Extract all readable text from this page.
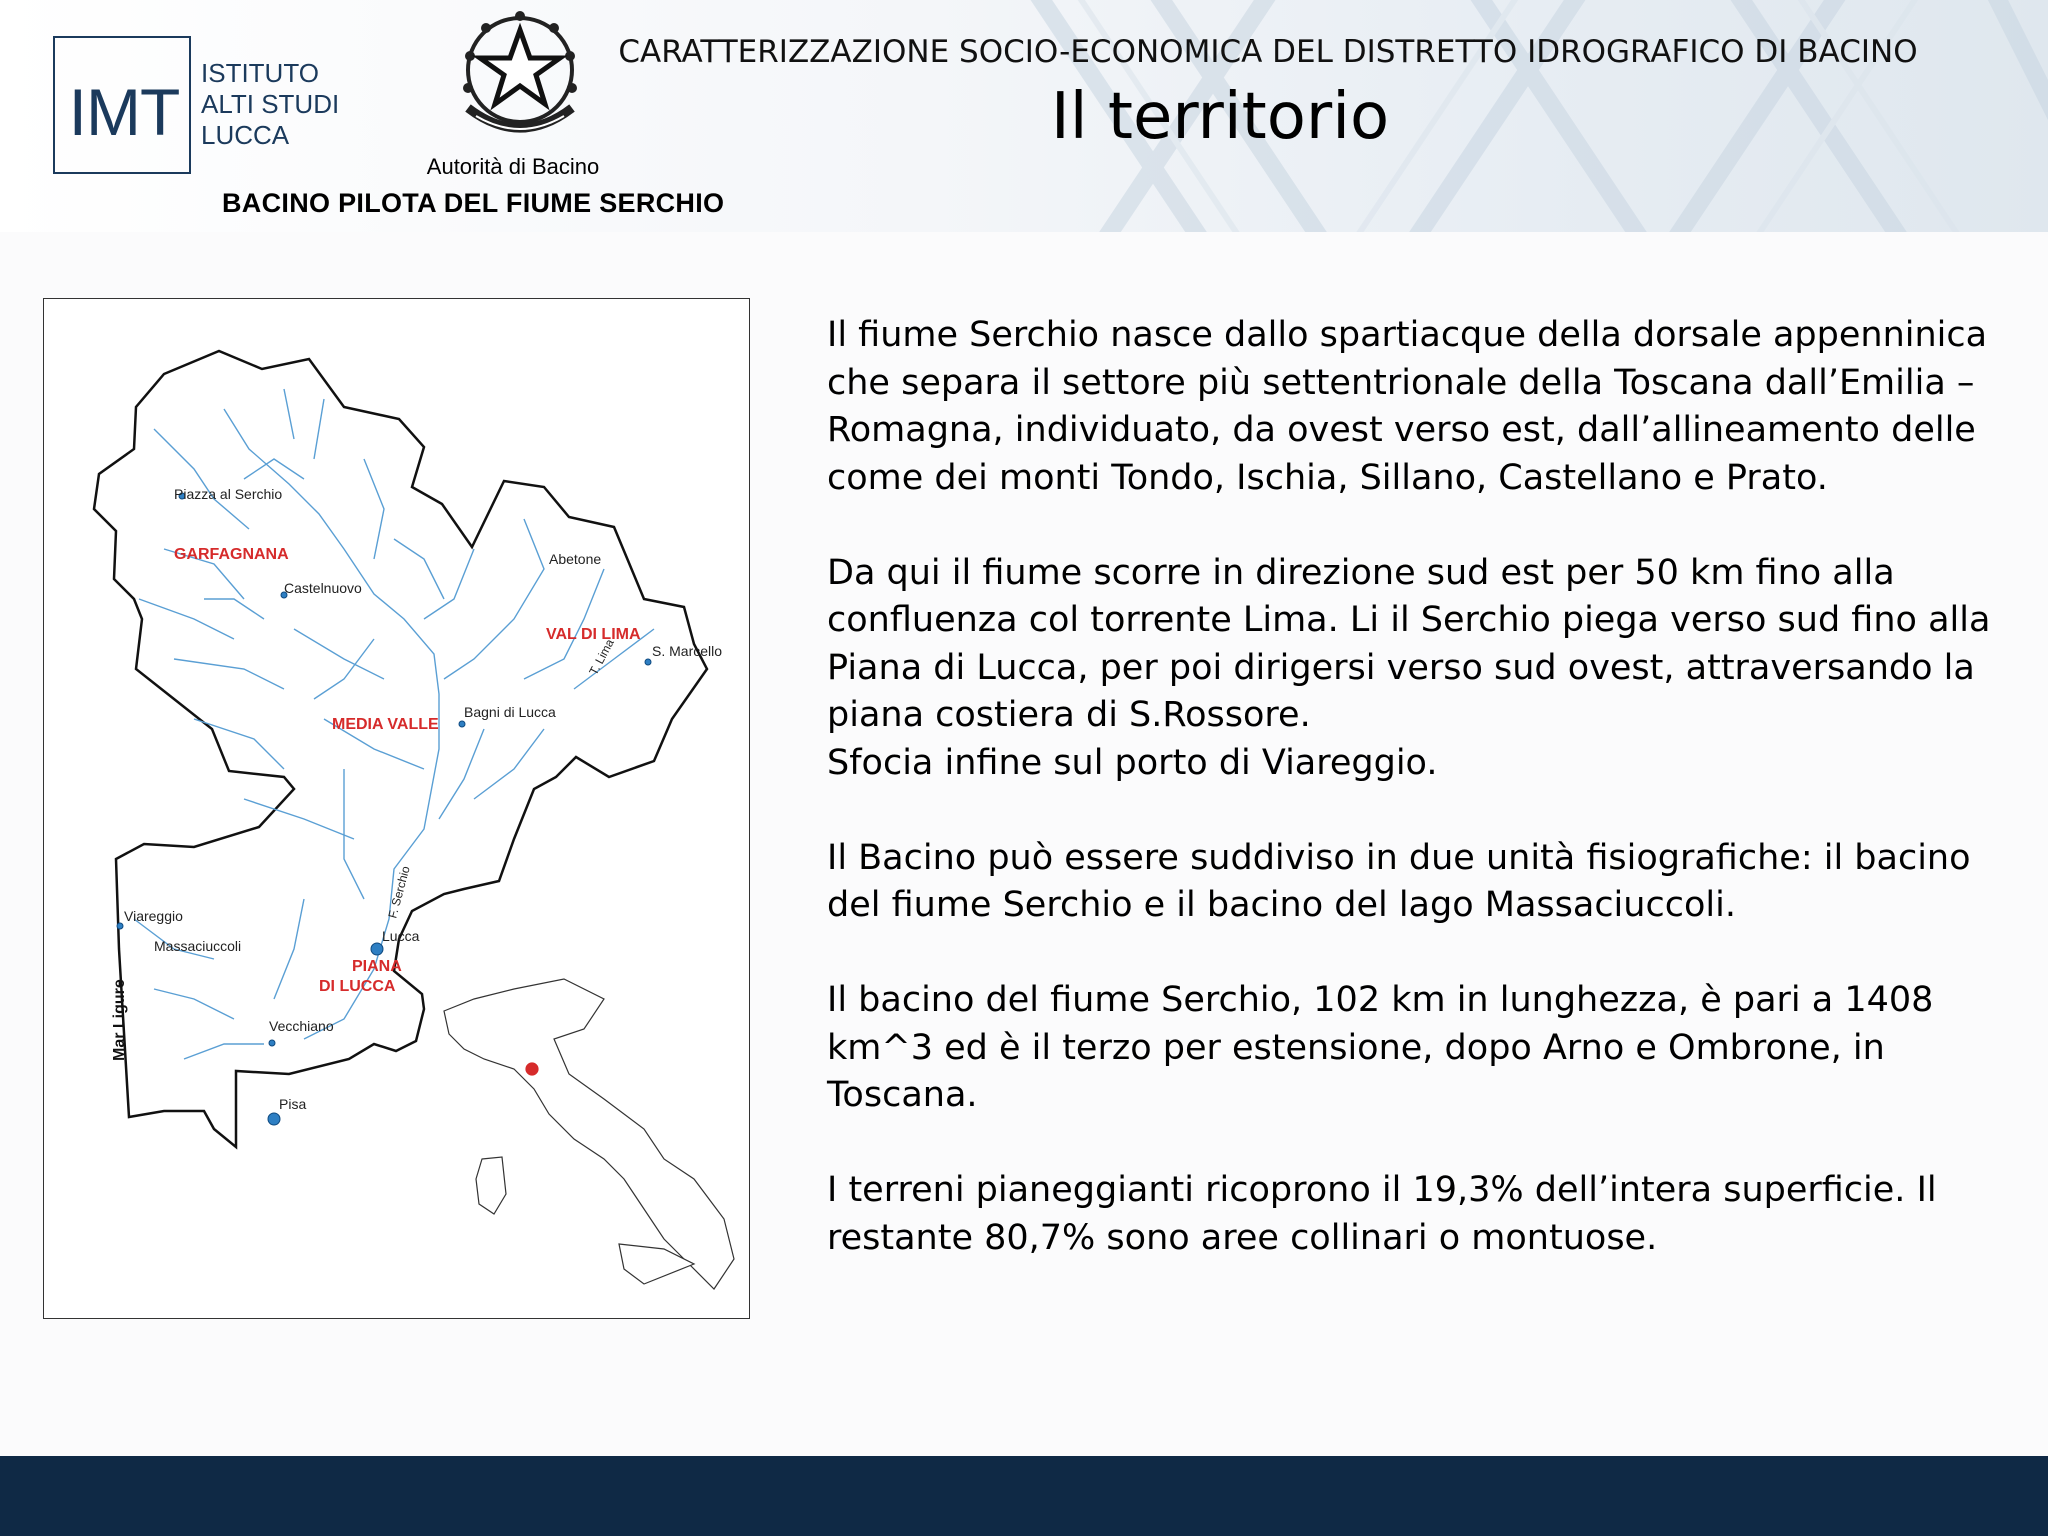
IMT
ISTITUTO
ALTI STUDI
LUCCA
Autorità di Bacino
BACINO PILOTA DEL FIUME SERCHIO
CARATTERIZZAZIONE SOCIO-ECONOMICA DEL DISTRETTO IDROGRAFICO DI BACINO
Il territorio
Piazza al Serchio
Castelnuovo
Abetone
S. Marcello
Bagni di Lucca
Viareggio
Massaciuccoli
Lucca
Vecchiano
Pisa
GARFAGNANA
VAL DI LIMA
MEDIA VALLE
PIANA
DI LUCCA
T. Lima
F. Serchio
Mar Ligure

Il fiume Serchio nasce dallo spartiacque della dorsale appenninica che separa il settore più settentrionale della Toscana dall’Emilia – Romagna, individuato, da ovest verso est, dall’allineamento delle come dei monti Tondo, Ischia, Sillano, Castellano e Prato.

Da qui il fiume scorre in direzione sud est per 50 km fino alla confluenza col torrente Lima. Li il Serchio piega verso sud fino alla Piana di Lucca, per poi dirigersi verso sud ovest, attraversando la piana costiera di S.Rossore.

Sfocia infine sul porto di Viareggio.

Il Bacino può essere suddiviso in due unità fisiografiche: il bacino del fiume Serchio e il bacino del lago Massaciuccoli.

Il bacino del fiume Serchio, 102 km in lunghezza, è pari a 1408 km^3 ed è il terzo per estensione, dopo Arno e Ombrone, in Toscana.

I terreni pianeggianti ricoprono il 19,3% dell’intera superficie. Il restante 80,7% sono aree collinari o montuose.
